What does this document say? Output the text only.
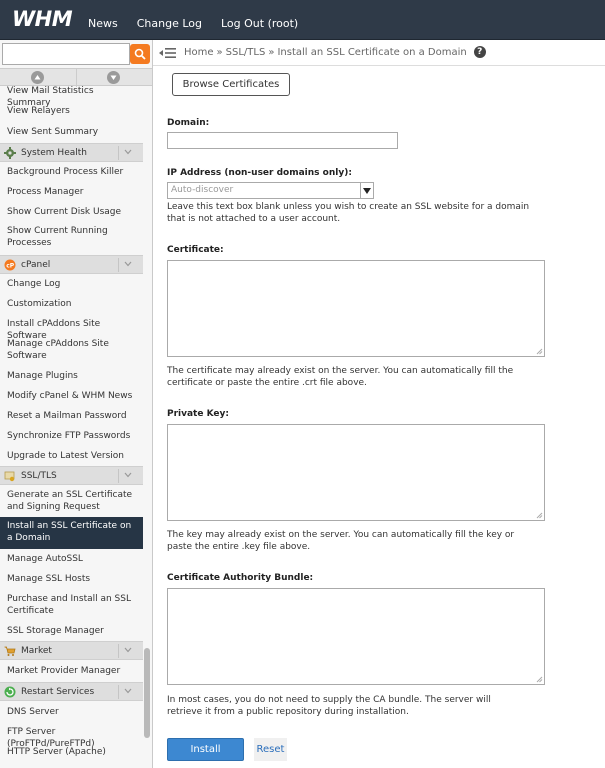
WHM News Change Log Log Out (root)
View Mail Statistics Summary
View Relayers
View Sent Summary
System Health
Background Process Killer
Process Manager
Show Current Disk Usage
Show Current Running Processes
cP cPanel
Change Log
Customization
Install cPAddons Site Software
Manage cPAddons Site Software
Manage Plugins
Modify cPanel & WHM News
Reset a Mailman Password
Synchronize FTP Passwords
Upgrade to Latest Version
SSL/TLS
Generate an SSL Certificate and Signing Request
Install an SSL Certificate on a Domain
Manage AutoSSL
Manage SSL Hosts
Purchase and Install an SSL Certificate
SSL Storage Manager
Market
Market Provider Manager
Restart Services
DNS Server
FTP Server (ProFTPd/PureFTPd)
HTTP Server (Apache)
Home » SSL/TLS » Install an SSL Certificate on a Domain	?
Browse Certificates
Domain:
IP Address (non-user domains only):
Auto-discover
Leave this text box blank unless you wish to create an SSL website for a domain
that is not attached to a user account.
Certificate:
The certificate may already exist on the server. You can automatically fill the
certificate or paste the entire .crt file above.
Private Key:
The key may already exist on the server. You can automatically fill the key or
paste the entire .key file above.
Certificate Authority Bundle:
In most cases, you do not need to supply the CA bundle. The server will
retrieve it from a public repository during installation.
Install	Reset
